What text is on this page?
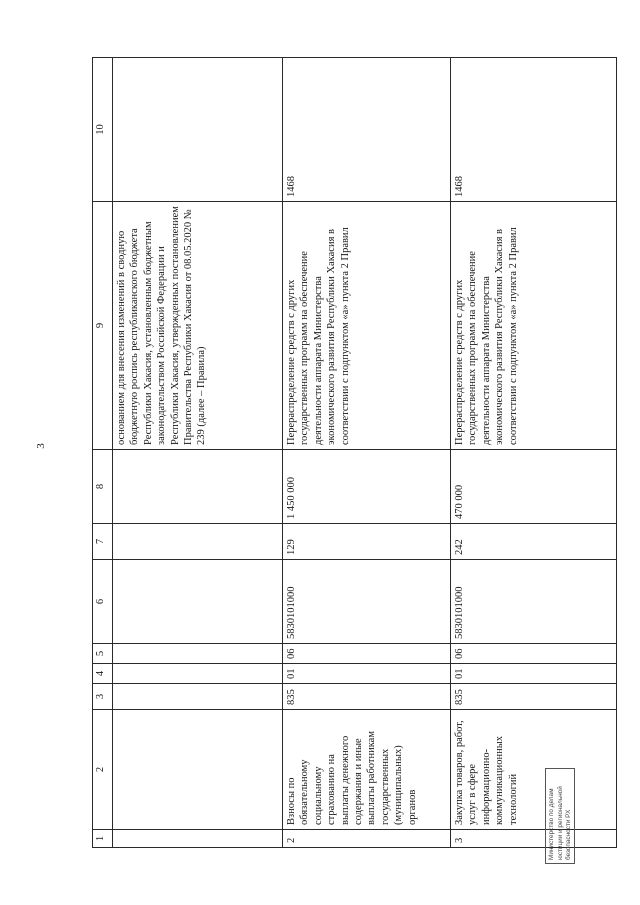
3
1	2	3	4	5	6	7	8	9	10
								основанием для внесения изменений в сводную бюджетную роспись республиканского бюджета Республики Хакасия, установленным бюджетным законодательством Российской Федерации и Республики Хакасия, утвержденных постановлением Правительства Республики Хакасия от 08.05.2020 № 239 (далее – Правила)	
2	Взносы по обязательному социальному страхованию на выплаты денежного содержания и иные выплаты работникам государственных (муниципальных) органов	835	01	06	5830101000	129	1 450 000	Перераспределение средств с других государственных программ на обеспечение деятельности аппарата Министерства экономического развития Республики Хакасия в соответствии с подпунктом «а» пункта 2 Правил	1468
3	Закупка товаров, работ, услуг в сфере информационно-коммуникационных технологий	835	01	06	5830101000	242	470 000	Перераспределение средств с других государственных программ на обеспечение деятельности аппарата Министерства экономического развития Республики Хакасия в соответствии с подпунктом «а» пункта 2 Правил	1468
Министерство по делам юстиции и региональной безопасности РХ
